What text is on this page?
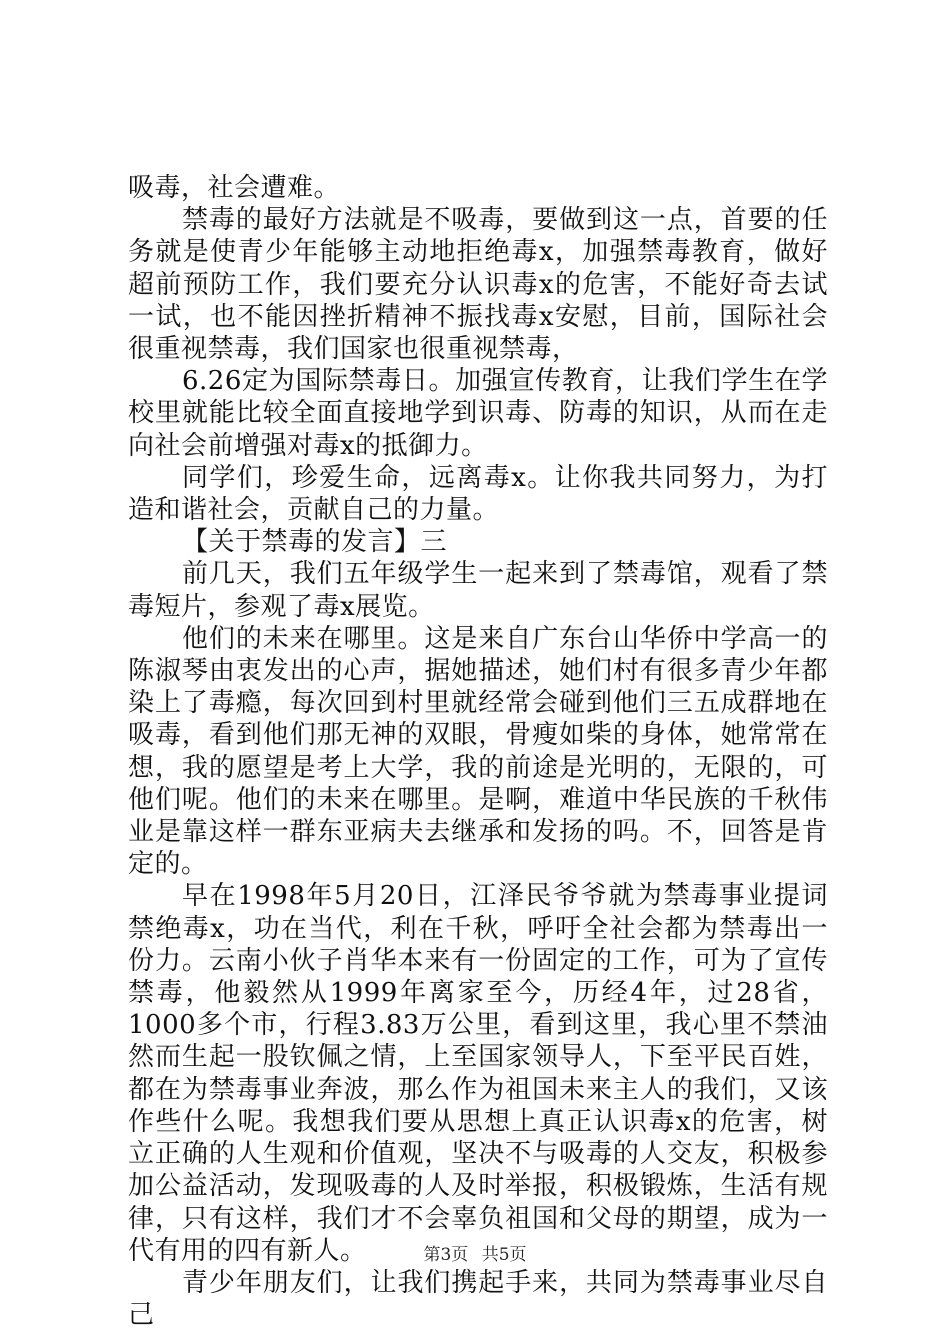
吸毒，社会遭难。

禁毒的最好方法就是不吸毒，要做到这一点，首要的任务就是使青少年能够主动地拒绝毒x，加强禁毒教育，做好超前预防工作，我们要充分认识毒x的危害，不能好奇去试一试，也不能因挫折精神不振找毒x安慰，目前，国际社会很重视禁毒，我们国家也很重视禁毒，

6.26定为国际禁毒日。加强宣传教育，让我们学生在学校里就能比较全面直接地学到识毒、防毒的知识，从而在走向社会前增强对毒x的抵御力。

同学们，珍爱生命，远离毒x。让你我共同努力，为打造和谐社会，贡献自己的力量。

【关于禁毒的发言】三

前几天，我们五年级学生一起来到了禁毒馆，观看了禁毒短片，参观了毒x展览。

他们的未来在哪里。这是来自广东台山华侨中学高一的陈淑琴由衷发出的心声，据她描述，她们村有很多青少年都染上了毒瘾，每次回到村里就经常会碰到他们三五成群地在吸毒，看到他们那无神的双眼，骨瘦如柴的身体，她常常在想，我的愿望是考上大学，我的前途是光明的，无限的，可他们呢。他们的未来在哪里。是啊，难道中华民族的千秋伟业是靠这样一群东亚病夫去继承和发扬的吗。不，回答是肯定的。

早在1998年5月20日，江泽民爷爷就为禁毒事业提词禁绝毒x，功在当代，利在千秋，呼吁全社会都为禁毒出一份力。云南小伙子肖华本来有一份固定的工作，可为了宣传禁毒，他毅然从1999年离家至今，历经4年，过28省，1000多个市，行程3.83万公里，看到这里，我心里不禁油然而生起一股钦佩之情，上至国家领导人，下至平民百姓，都在为禁毒事业奔波，那么作为祖国未来主人的我们，又该作些什么呢。我想我们要从思想上真正认识毒x的危害，树立正确的人生观和价值观，坚决不与吸毒的人交友，积极参加公益活动，发现吸毒的人及时举报，积极锻炼，生活有规律，只有这样，我们才不会辜负祖国和父母的期望，成为一代有用的四有新人。

青少年朋友们，让我们携起手来，共同为禁毒事业尽自己

第3页 共5页
